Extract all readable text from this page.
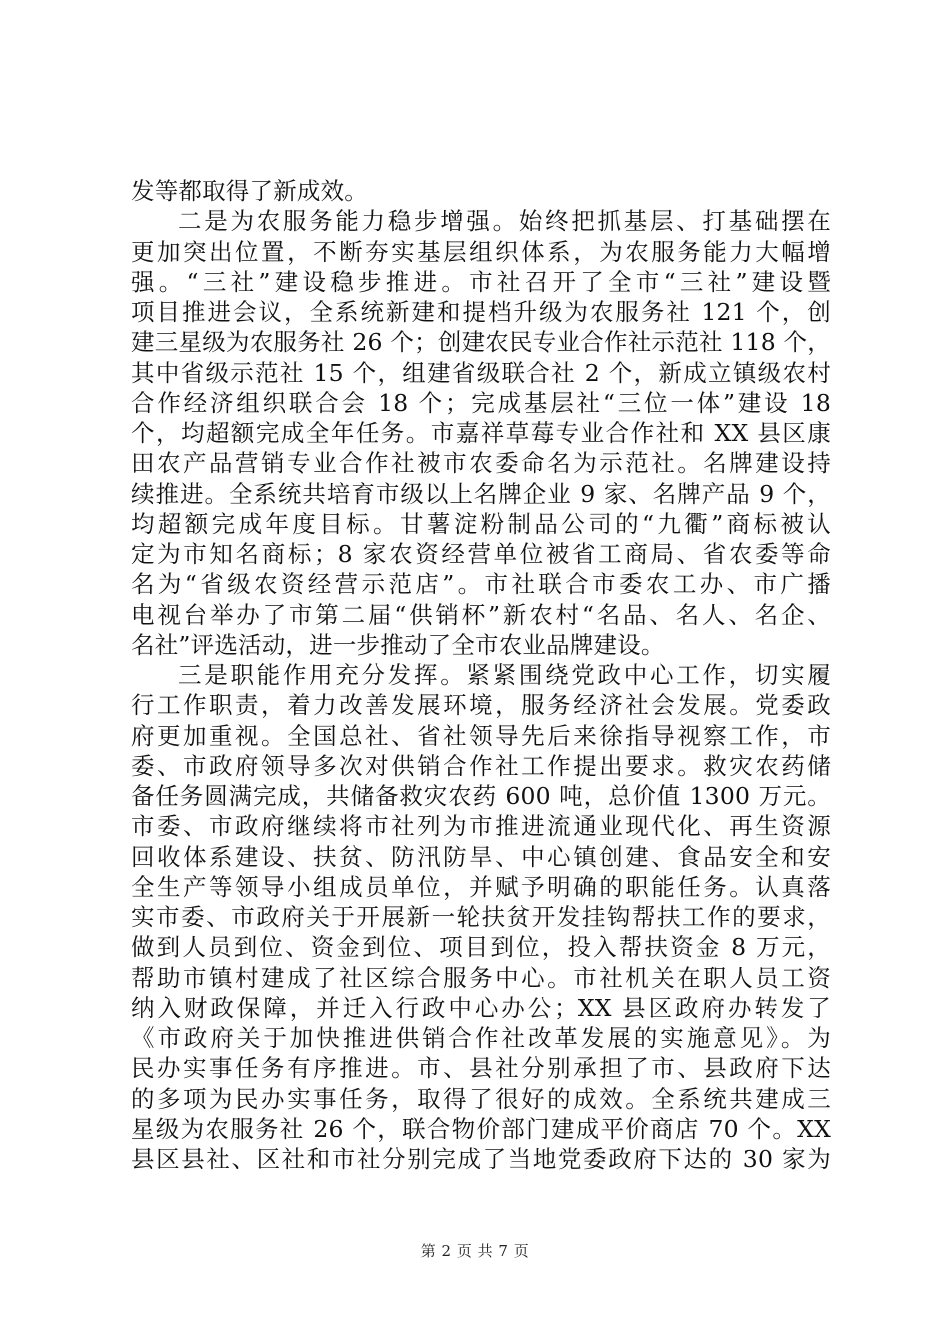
发等都取得了新成效。
二是为农服务能力稳步增强。始终把抓基层、打基础摆在
更加突出位置，不断夯实基层组织体系，为农服务能力大幅增
强。“三社”建设稳步推进。市社召开了全市“三社”建设暨
项目推进会议，全系统新建和提档升级为农服务社 121 个，创
建三星级为农服务社 26 个；创建农民专业合作社示范社 118 个，
其中省级示范社 15 个，组建省级联合社 2 个，新成立镇级农村
合作经济组织联合会 18 个；完成基层社“三位一体”建设 18
个，均超额完成全年任务。市嘉祥草莓专业合作社和 XX 县区康
田农产品营销专业合作社被市农委命名为示范社。名牌建设持
续推进。全系统共培育市级以上名牌企业 9 家、名牌产品 9 个，
均超额完成年度目标。甘薯淀粉制品公司的“九衢”商标被认
定为市知名商标；8 家农资经营单位被省工商局、省农委等命
名为“省级农资经营示范店”。市社联合市委农工办、市广播
电视台举办了市第二届“供销杯”新农村“名品、名人、名企、
名社”评选活动，进一步推动了全市农业品牌建设。
三是职能作用充分发挥。紧紧围绕党政中心工作，切实履
行工作职责，着力改善发展环境，服务经济社会发展。党委政
府更加重视。全国总社、省社领导先后来徐指导视察工作，市
委、市政府领导多次对供销合作社工作提出要求。救灾农药储
备任务圆满完成，共储备救灾农药 600 吨，总价值 1300 万元。
市委、市政府继续将市社列为市推进流通业现代化、再生资源
回收体系建设、扶贫、防汛防旱、中心镇创建、食品安全和安
全生产等领导小组成员单位，并赋予明确的职能任务。认真落
实市委、市政府关于开展新一轮扶贫开发挂钩帮扶工作的要求，
做到人员到位、资金到位、项目到位，投入帮扶资金 8 万元，
帮助市镇村建成了社区综合服务中心。市社机关在职人员工资
纳入财政保障，并迁入行政中心办公；XX 县区政府办转发了
《市政府关于加快推进供销合作社改革发展的实施意见》。为
民办实事任务有序推进。市、县社分别承担了市、县政府下达
的多项为民办实事任务，取得了很好的成效。全系统共建成三
星级为农服务社 26 个，联合物价部门建成平价商店 70 个。XX
县区县社、区社和市社分别完成了当地党委政府下达的 30 家为
第 2 页 共 7 页
